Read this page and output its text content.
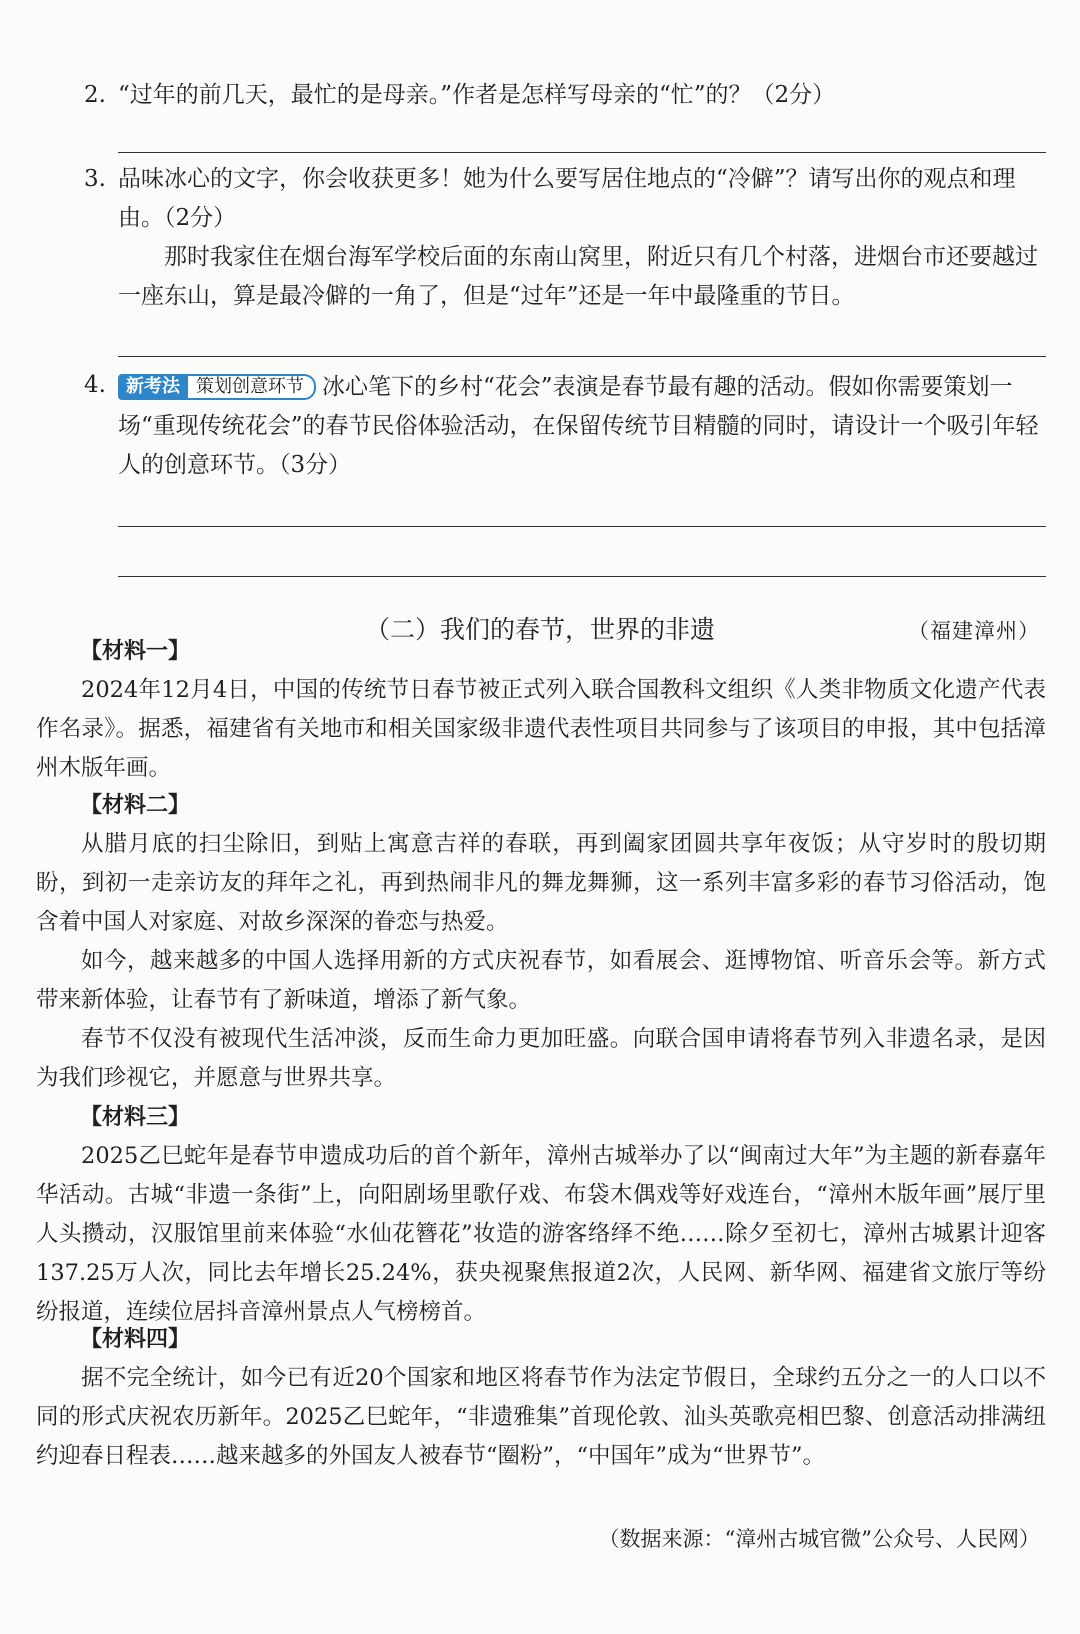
2. “过年的前几天，最忙的是母亲。”作者是怎样写母亲的“忙”的？（2分）
3. 品味冰心的文字，你会收获更多！她为什么要写居住地点的“冷僻”？请写出你的观点和理由。（2分）
那时我家住在烟台海军学校后面的东南山窝里，附近只有几个村落，进烟台市还要越过一座东山，算是最冷僻的一角了，但是“过年”还是一年中最隆重的节日。
4.	新考法 策划创意环节 冰心笔下的乡村“花会”表演是春节最有趣的活动。假如你需要策划一场“重现传统花会”的春节民俗体验活动，在保留传统节目精髓的同时，请设计一个吸引年轻人的创意环节。（3分）
（二）我们的春节，世界的非遗	（福建漳州）
【材料一】

2024年12月4日，中国的传统节日春节被正式列入联合国教科文组织《人类非物质文化遗产代表作名录》。据悉，福建省有关地市和相关国家级非遗代表性项目共同参与了该项目的申报，其中包括漳州木版年画。

【材料二】

从腊月底的扫尘除旧，到贴上寓意吉祥的春联，再到阖家团圆共享年夜饭；从守岁时的殷切期盼，到初一走亲访友的拜年之礼，再到热闹非凡的舞龙舞狮，这一系列丰富多彩的春节习俗活动，饱含着中国人对家庭、对故乡深深的眷恋与热爱。

如今，越来越多的中国人选择用新的方式庆祝春节，如看展会、逛博物馆、听音乐会等。新方式带来新体验，让春节有了新味道，增添了新气象。

春节不仅没有被现代生活冲淡，反而生命力更加旺盛。向联合国申请将春节列入非遗名录，是因为我们珍视它，并愿意与世界共享。

【材料三】

2025乙巳蛇年是春节申遗成功后的首个新年，漳州古城举办了以“闽南过大年”为主题的新春嘉年华活动。古城“非遗一条街”上，向阳剧场里歌仔戏、布袋木偶戏等好戏连台，“漳州木版年画”展厅里人头攒动，汉服馆里前来体验“水仙花簪花”妆造的游客络绎不绝……除夕至初七，漳州古城累计迎客137.25万人次，同比去年增长25.24%，获央视聚焦报道2次，人民网、新华网、福建省文旅厅等纷纷报道，连续位居抖音漳州景点人气榜榜首。

【材料四】

据不完全统计，如今已有近20个国家和地区将春节作为法定节假日，全球约五分之一的人口以不同的形式庆祝农历新年。2025乙巳蛇年，“非遗雅集”首现伦敦、汕头英歌亮相巴黎、创意活动排满纽约迎春日程表……越来越多的外国友人被春节“圈粉”，“中国年”成为“世界节”。

（数据来源：“漳州古城官微”公众号、人民网）
